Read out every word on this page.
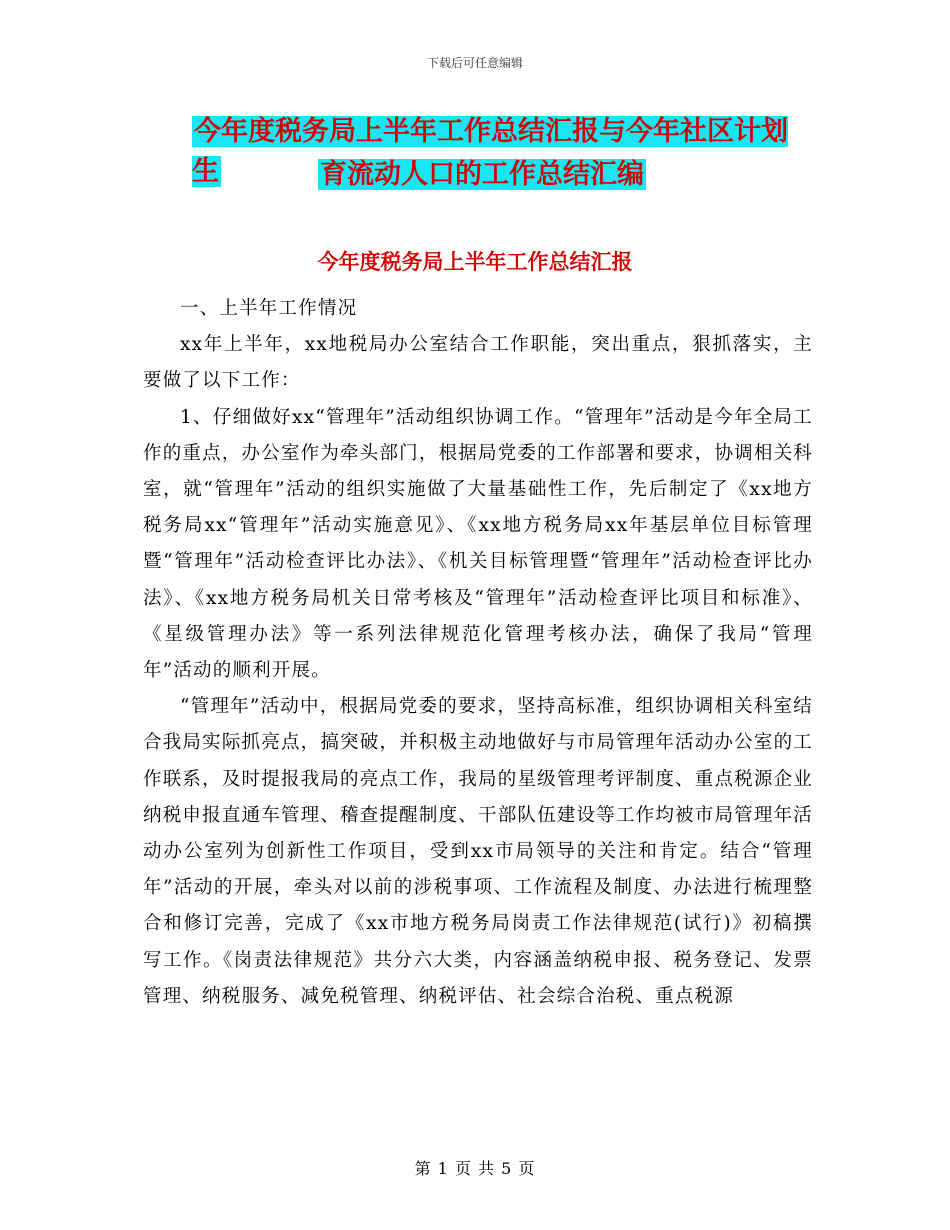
下载后可任意编辑
今年度税务局上半年工作总结汇报与今年社区计划生	育流动人口的工作总结汇编
今年度税务局上半年工作总结汇报

一、上半年工作情况

xx年上半年，xx地税局办公室结合工作职能，突出重点，狠抓落实，主要做了以下工作：

1、仔细做好xx“管理年”活动组织协调工作。“管理年”活动是今年全局工作的重点，办公室作为牵头部门，根据局党委的工作部署和要求，协调相关科室，就“管理年”活动的组织实施做了大量基础性工作，先后制定了《xx地方税务局xx“管理年”活动实施意见》、《xx地方税务局xx年基层单位目标管理暨“管理年”活动检查评比办法》、《机关目标管理暨“管理年”活动检查评比办法》、《xx地方税务局机关日常考核及“管理年”活动检查评比项目和标准》、《星级管理办法》等一系列法律规范化管理考核办法，确保了我局“管理年”活动的顺利开展。

“管理年”活动中，根据局党委的要求，坚持高标准，组织协调相关科室结合我局实际抓亮点，搞突破，并积极主动地做好与市局管理年活动办公室的工作联系，及时提报我局的亮点工作，我局的星级管理考评制度、重点税源企业纳税申报直通车管理、稽查提醒制度、干部队伍建设等工作均被市局管理年活动办公室列为创新性工作项目，受到xx市局领导的关注和肯定。结合“管理年”活动的开展，牵头对以前的涉税事项、工作流程及制度、办法进行梳理整合和修订完善，完成了《xx市地方税务局岗责工作法律规范(试行)》初稿撰写工作。《岗责法律规范》共分六大类，内容涵盖纳税申报、税务登记、发票管理、纳税服务、减免税管理、纳税评估、社会综合治税、重点税源

第 1 页 共 5 页
